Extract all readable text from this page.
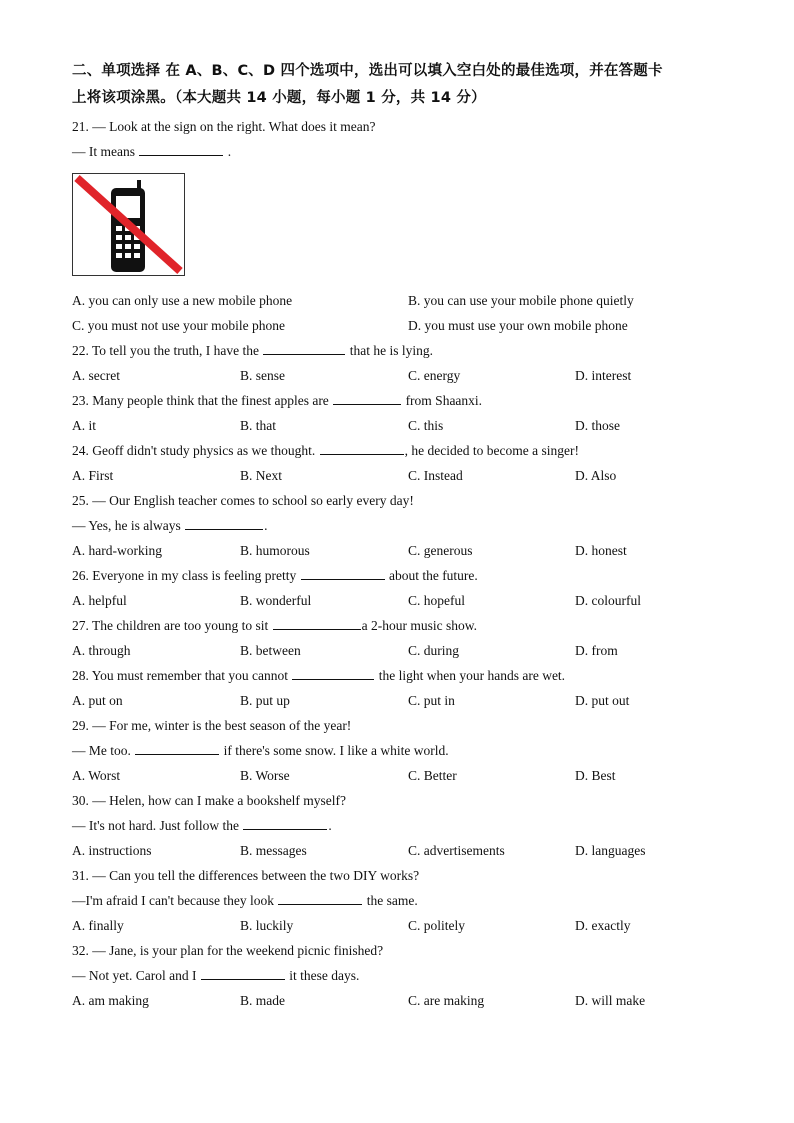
二、单项选择 在 A、B、C、D 四个选项中，选出可以填入空白处的最佳选项，并在答题卡
上将该项涂黑。（本大题共 14 小题，每小题 1 分，共 14 分）
21. — Look at the sign on the right. What does it mean?
— It means	.
A. you can only use a new mobile phone	B. you can use your mobile phone quietly
C. you must not use your mobile phone	D. you must use your own mobile phone
22. To tell you the truth, I have the	that he is lying.
A. secret	B. sense	C. energy	D. interest
23. Many people think that the finest apples are	from Shaanxi.
A. it	B. that	C. this	D. those
24. Geoff didn't study physics as we thought.	, he decided to become a singer!
A. First	B. Next	C. Instead	D. Also
25. — Our English teacher comes to school so early every day!
— Yes, he is always	.
A. hard-working	B. humorous	C. generous	D. honest
26. Everyone in my class is feeling pretty	about the future.
A. helpful	B. wonderful	C. hopeful	D. colourful
27. The children are too young to sit	a 2-hour music show.
A. through	B. between	C. during	D. from
28. You must remember that you cannot	the light when your hands are wet.
A. put on	B. put up	C. put in	D. put out
29. — For me, winter is the best season of the year!
— Me too.	if there's some snow. I like a white world.
A. Worst	B. Worse	C. Better	D. Best
30. — Helen, how can I make a bookshelf myself?
— It's not hard. Just follow the	.
A. instructions	B. messages	C. advertisements	D. languages
31. — Can you tell the differences between the two DIY works?
—I'm afraid I can't because they look	the same.
A. finally	B. luckily	C. politely	D. exactly
32. — Jane, is your plan for the weekend picnic finished?
— Not yet. Carol and I	it these days.
A. am making	B. made	C. are making	D. will make
